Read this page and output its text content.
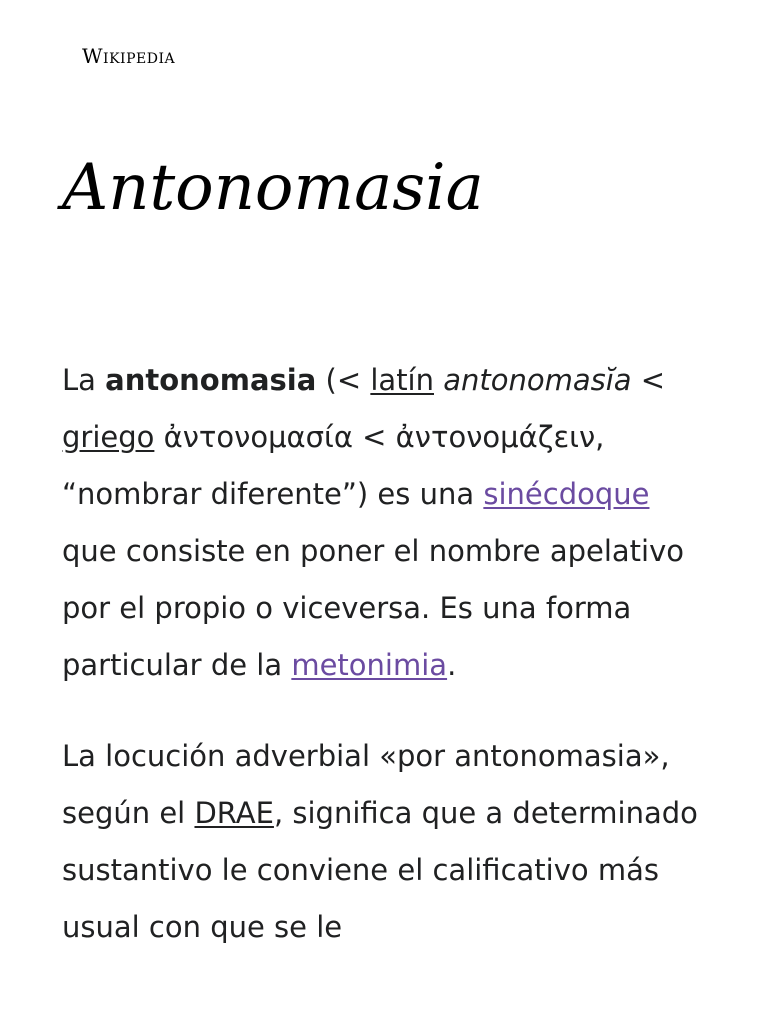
Wikipedia
Antonomasia

La antonomasia (< latín antonomasĭa < griego ἀντονομασία < ἀντονομάζειν, “nombrar diferente”) es una sinécdoque que consiste en poner el nombre apelativo por el propio o viceversa. Es una forma particular de la metonimia.

La locución adverbial «por antonomasia», según el DRAE, significa que a determinado sustantivo le conviene el calificativo más usual con que se le
